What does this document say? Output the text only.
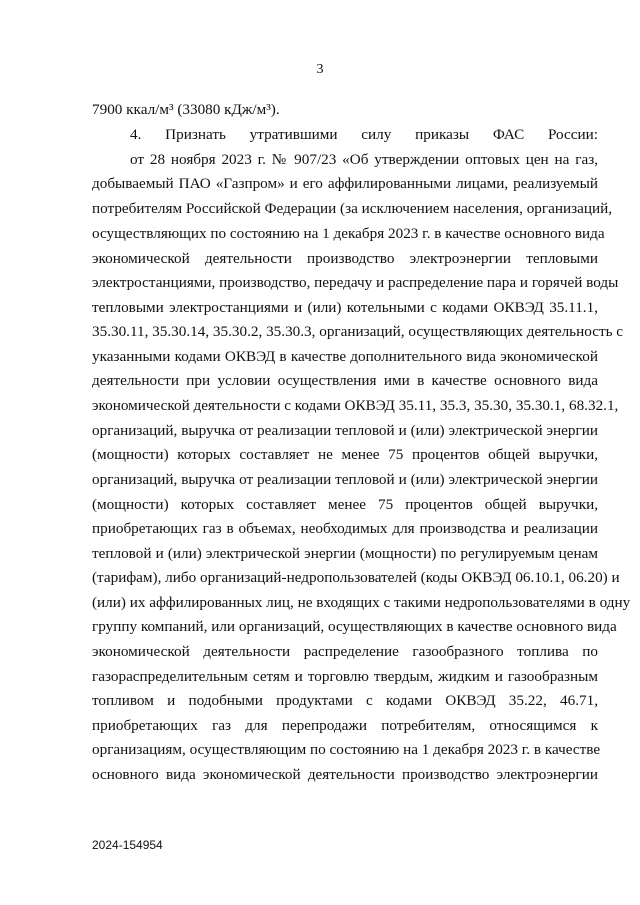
3
7900 ккал/м³ (33080 кДж/м³).
4. Признать утратившими силу приказы ФАС России:
от 28 ноября 2023 г. № 907/23 «Об утверждении оптовых цен на газ,
добываемый ПАО «Газпром» и его аффилированными лицами, реализуемый
потребителям Российской Федерации (за исключением населения, организаций,
осуществляющих по состоянию на 1 декабря 2023 г. в качестве основного вида
экономической деятельности производство электроэнергии тепловыми
электростанциями, производство, передачу и распределение пара и горячей воды
тепловыми электростанциями и (или) котельными с кодами ОКВЭД 35.11.1,
35.30.11, 35.30.14, 35.30.2, 35.30.3, организаций, осуществляющих деятельность с
указанными кодами ОКВЭД в качестве дополнительного вида экономической
деятельности при условии осуществления ими в качестве основного вида
экономической деятельности с кодами ОКВЭД 35.11, 35.3, 35.30, 35.30.1, 68.32.1,
организаций, выручка от реализации тепловой и (или) электрической энергии
(мощности) которых составляет не менее 75 процентов общей выручки,
организаций, выручка от реализации тепловой и (или) электрической энергии
(мощности) которых составляет менее 75 процентов общей выручки,
приобретающих газ в объемах, необходимых для производства и реализации
тепловой и (или) электрической энергии (мощности) по регулируемым ценам
(тарифам), либо организаций-недропользователей (коды ОКВЭД 06.10.1, 06.20) и
(или) их аффилированных лиц, не входящих с такими недропользователями в одну
группу компаний, или организаций, осуществляющих в качестве основного вида
экономической деятельности распределение газообразного топлива по
газораспределительным сетям и торговлю твердым, жидким и газообразным
топливом и подобными продуктами с кодами ОКВЭД 35.22, 46.71,
приобретающих газ для перепродажи потребителям, относящимся к
организациям, осуществляющим по состоянию на 1 декабря 2023 г. в качестве
основного вида экономической деятельности производство электроэнергии
2024-154954
